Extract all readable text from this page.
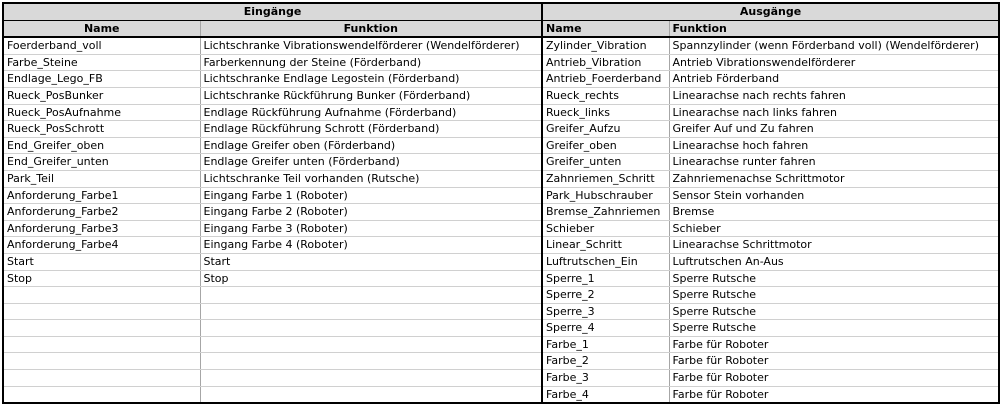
Eingänge		Ausgänge	
Name	Funktion	Name	Funktion
Foerderband_voll	Lichtschranke Vibrationswendelförderer (Wendelförderer)	Zylinder_Vibration	Spannzylinder (wenn Förderband voll) (Wendelförderer)
Farbe_Steine	Farberkennung der Steine (Förderband)	Antrieb_Vibration	Antrieb Vibrationswendelförderer
Endlage_Lego_FB	Lichtschranke Endlage Legostein (Förderband)	Antrieb_Foerderband	Antrieb Förderband
Rueck_PosBunker	Lichtschranke Rückführung Bunker (Förderband)	Rueck_rechts	Linearachse nach rechts fahren
Rueck_PosAufnahme	Endlage Rückführung Aufnahme (Förderband)	Rueck_links	Linearachse nach links fahren
Rueck_PosSchrott	Endlage Rückführung Schrott (Förderband)	Greifer_Aufzu	Greifer Auf und Zu fahren
End_Greifer_oben	Endlage Greifer oben (Förderband)	Greifer_oben	Linearachse hoch fahren
End_Greifer_unten	Endlage Greifer unten (Förderband)	Greifer_unten	Linearachse runter fahren
Park_Teil	Lichtschranke Teil vorhanden (Rutsche)	Zahnriemen_Schritt	Zahnriemenachse Schrittmotor
Anforderung_Farbe1	Eingang Farbe 1 (Roboter)	Park_Hubschrauber	Sensor Stein vorhanden
Anforderung_Farbe2	Eingang Farbe 2 (Roboter)	Bremse_Zahnriemen	Bremse
Anforderung_Farbe3	Eingang Farbe 3 (Roboter)	Schieber	Schieber
Anforderung_Farbe4	Eingang Farbe 4 (Roboter)	Linear_Schritt	Linearachse Schrittmotor
Start	Start	Luftrutschen_Ein	Luftrutschen An-Aus
Stop	Stop	Sperre_1	Sperre Rutsche
		Sperre_2	Sperre Rutsche
		Sperre_3	Sperre Rutsche
		Sperre_4	Sperre Rutsche
		Farbe_1	Farbe für Roboter
		Farbe_2	Farbe für Roboter
		Farbe_3	Farbe für Roboter
		Farbe_4	Farbe für Roboter
